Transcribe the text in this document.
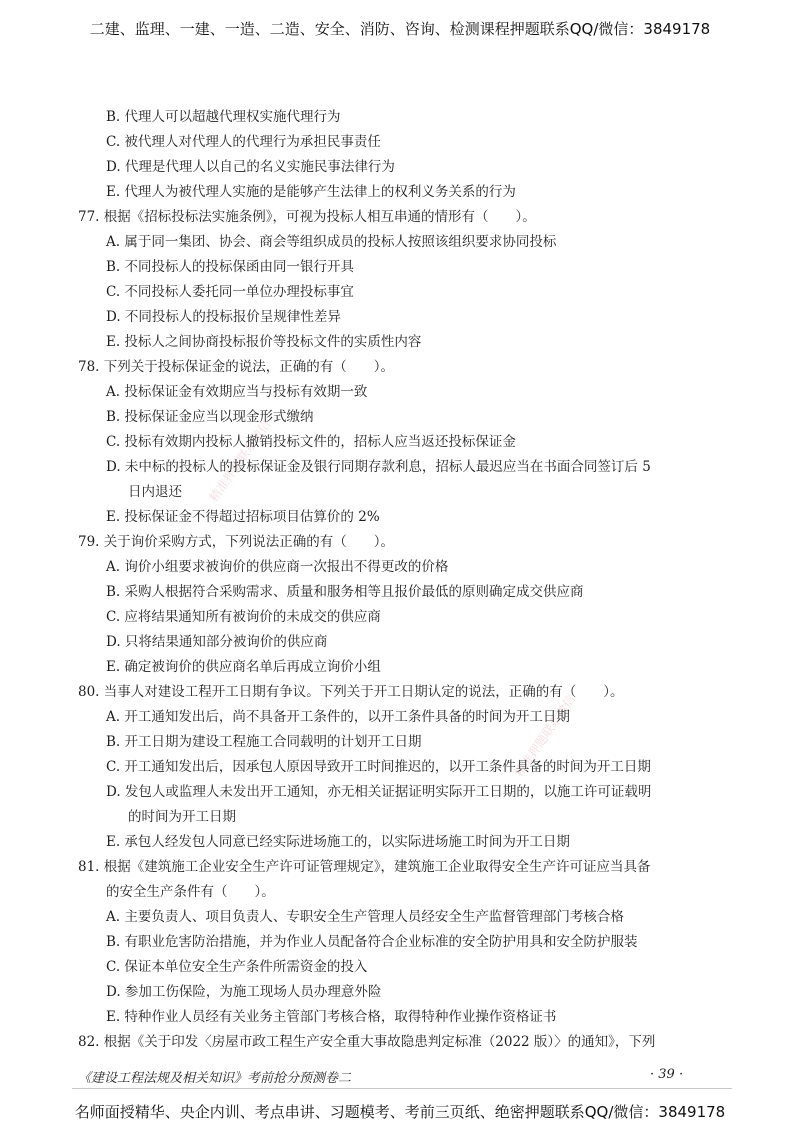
二建、监理、一建、一造、二造、安全、消防、咨询、检测课程押题联系QQ/微信：3849178
精准押题联系微信
精准押题联系微信
B. 代理人可以超越代理权实施代理行为
C. 被代理人对代理人的代理行为承担民事责任
D. 代理是代理人以自己的名义实施民事法律行为
E. 代理人为被代理人实施的是能够产生法律上的权利义务关系的行为
77. 根据《招标投标法实施条例》，可视为投标人相互串通的情形有（　　）。
A. 属于同一集团、协会、商会等组织成员的投标人按照该组织要求协同投标
B. 不同投标人的投标保函由同一银行开具
C. 不同投标人委托同一单位办理投标事宜
D. 不同投标人的投标报价呈规律性差异
E. 投标人之间协商投标报价等投标文件的实质性内容
78. 下列关于投标保证金的说法，正确的有（　　）。
A. 投标保证金有效期应当与投标有效期一致
B. 投标保证金应当以现金形式缴纳
C. 投标有效期内投标人撤销投标文件的，招标人应当返还投标保证金
D. 未中标的投标人的投标保证金及银行同期存款利息，招标人最迟应当在书面合同签订后 5
日内退还
E. 投标保证金不得超过招标项目估算价的 2%
79. 关于询价采购方式，下列说法正确的有（　　）。
A. 询价小组要求被询价的供应商一次报出不得更改的价格
B. 采购人根据符合采购需求、质量和服务相等且报价最低的原则确定成交供应商
C. 应将结果通知所有被询价的未成交的供应商
D. 只将结果通知部分被询价的供应商
E. 确定被询价的供应商名单后再成立询价小组
80. 当事人对建设工程开工日期有争议。下列关于开工日期认定的说法，正确的有（　　）。
A. 开工通知发出后，尚不具备开工条件的，以开工条件具备的时间为开工日期
B. 开工日期为建设工程施工合同载明的计划开工日期
C. 开工通知发出后，因承包人原因导致开工时间推迟的，以开工条件具备的时间为开工日期
D. 发包人或监理人未发出开工通知，亦无相关证据证明实际开工日期的，以施工许可证载明
的时间为开工日期
E. 承包人经发包人同意已经实际进场施工的，以实际进场施工时间为开工日期
81. 根据《建筑施工企业安全生产许可证管理规定》，建筑施工企业取得安全生产许可证应当具备
的安全生产条件有（　　）。
A. 主要负责人、项目负责人、专职安全生产管理人员经安全生产监督管理部门考核合格
B. 有职业危害防治措施，并为作业人员配备符合企业标准的安全防护用具和安全防护服装
C. 保证本单位安全生产条件所需资金的投入
D. 参加工伤保险，为施工现场人员办理意外险
E. 特种作业人员经有关业务主管部门考核合格，取得特种作业操作资格证书
82. 根据《关于印发〈房屋市政工程生产安全重大事故隐患判定标准（2022 版）〉的通知》，下列
《建设工程法规及相关知识》考前抢分预测卷二	· 39 ·
名师面授精华、央企内训、考点串讲、习题模考、考前三页纸、绝密押题联系QQ/微信：3849178
